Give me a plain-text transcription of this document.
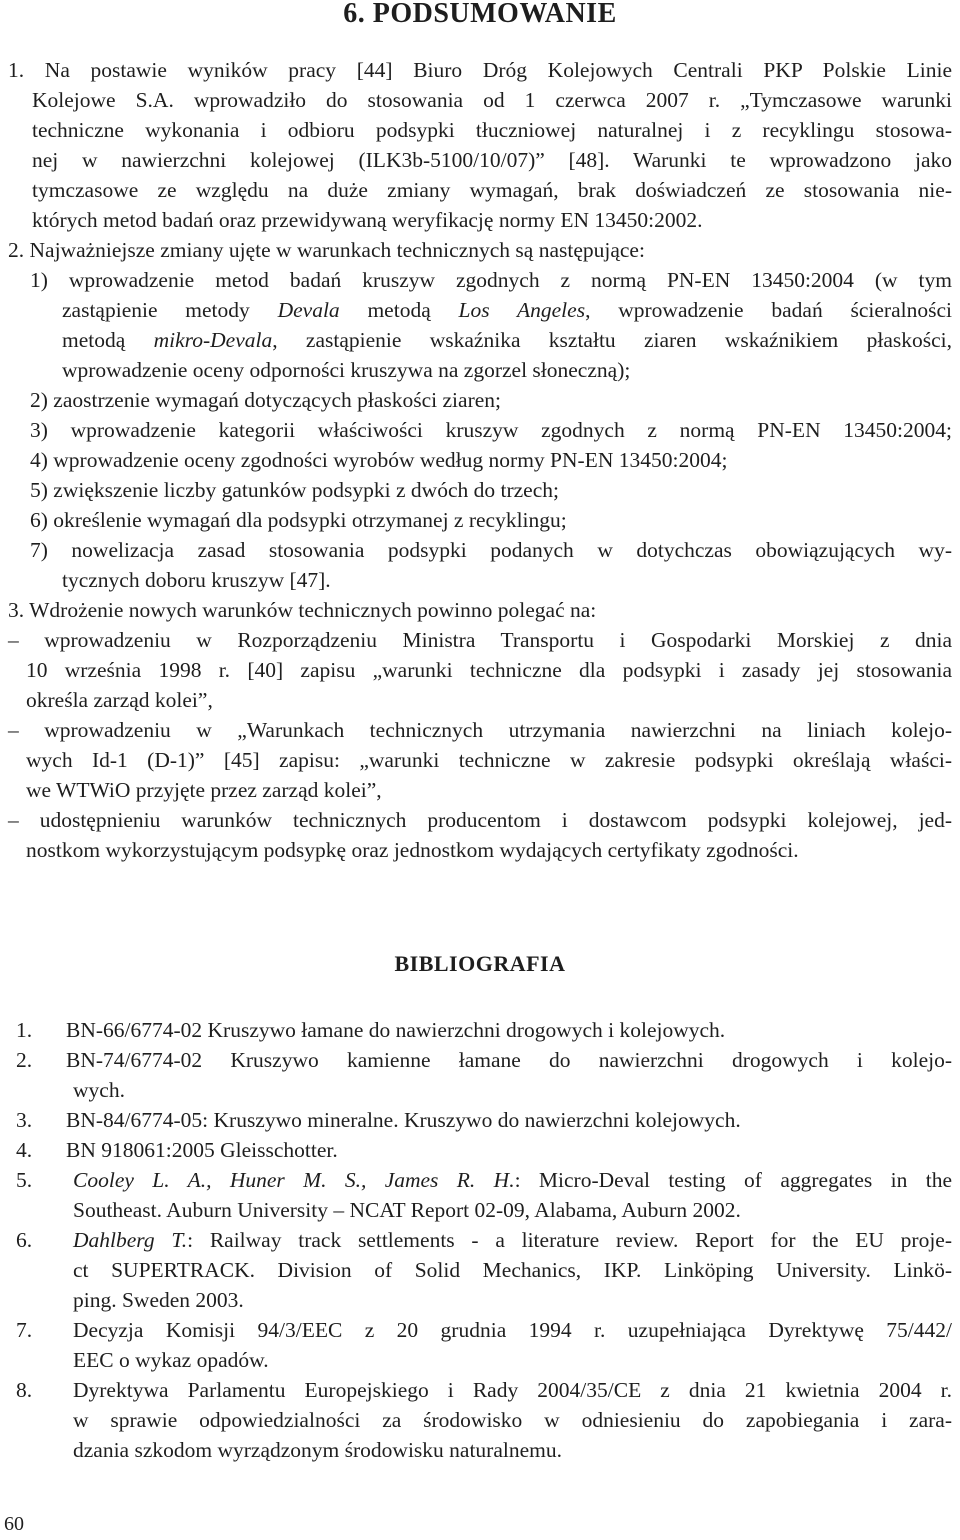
6. PODSUMOWANIE
1. Na postawie wyników pracy [44] Biuro Dróg Kolejowych Centrali PKP Polskie Linie
Kolejowe S.A. wprowadziło do stosowania od 1 czerwca 2007 r. „Tymczasowe warunki
techniczne wykonania i odbioru podsypki tłuczniowej naturalnej i z recyklingu stosowa-
nej w nawierzchni kolejowej (ILK3b-5100/10/07)” [48]. Warunki te wprowadzono jako
tymczasowe ze względu na duże zmiany wymagań, brak doświadczeń ze stosowania nie-
których metod badań oraz przewidywaną weryfikację normy EN 13450:2002.
2. Najważniejsze zmiany ujęte w warunkach technicznych są następujące:
1) wprowadzenie metod badań kruszyw zgodnych z normą PN-EN 13450:2004 (w tym
zastąpienie metody Devala metodą Los Angeles, wprowadzenie badań ścieralności
metodą mikro-Devala, zastąpienie wskaźnika kształtu ziaren wskaźnikiem płaskości,
wprowadzenie oceny odporności kruszywa na zgorzel słoneczną);
2) zaostrzenie wymagań dotyczących płaskości ziaren;
3) wprowadzenie kategorii właściwości kruszyw zgodnych z normą PN-EN 13450:2004;
4) wprowadzenie oceny zgodności wyrobów według normy PN-EN 13450:2004;
5) zwiększenie liczby gatunków podsypki z dwóch do trzech;
6) określenie wymagań dla podsypki otrzymanej z recyklingu;
7) nowelizacja zasad stosowania podsypki podanych w dotychczas obowiązujących wy-
tycznych doboru kruszyw [47].
3. Wdrożenie nowych warunków technicznych powinno polegać na:
– wprowadzeniu w Rozporządzeniu Ministra Transportu i Gospodarki Morskiej z dnia
10 września 1998 r. [40] zapisu „warunki techniczne dla podsypki i zasady jej stosowania
określa zarząd kolei”,
– wprowadzeniu w „Warunkach technicznych utrzymania nawierzchni na liniach kolejo-
wych Id-1 (D-1)” [45] zapisu: „warunki techniczne w zakresie podsypki określają właści-
we WTWiO przyjęte przez zarząd kolei”,
– udostępnieniu warunków technicznych producentom i dostawcom podsypki kolejowej, jed-
nostkom wykorzystującym podsypkę oraz jednostkom wydających certyfikaty zgodności.
BIBLIOGRAFIA
1. BN-66/6774-02 Kruszywo łamane do nawierzchni drogowych i kolejowych.
2. BN-74/6774-02 Kruszywo kamienne łamane do nawierzchni drogowych i kolejo-
wych.
3. BN-84/6774-05: Kruszywo mineralne. Kruszywo do nawierzchni kolejowych.
4. BN 918061:2005 Gleisschotter.
5. Cooley L. A., Huner M. S., James R. H.: Micro-Deval testing of aggregates in the
Southeast. Auburn University – NCAT Report 02-09, Alabama, Auburn 2002.
6. Dahlberg T.: Railway track settlements - a literature review. Report for the EU proje-
ct SUPERTRACK. Division of Solid Mechanics, IKP. Linköping University. Linkö-
ping. Sweden 2003.
7. Decyzja Komisji 94/3/EEC z 20 grudnia 1994 r. uzupełniająca Dyrektywę 75/442/
EEC o wykaz opadów.
8. Dyrektywa Parlamentu Europejskiego i Rady 2004/35/CE z dnia 21 kwietnia 2004 r.
w sprawie odpowiedzialności za środowisko w odniesieniu do zapobiegania i zara-
dzania szkodom wyrządzonym środowisku naturalnemu.
60
